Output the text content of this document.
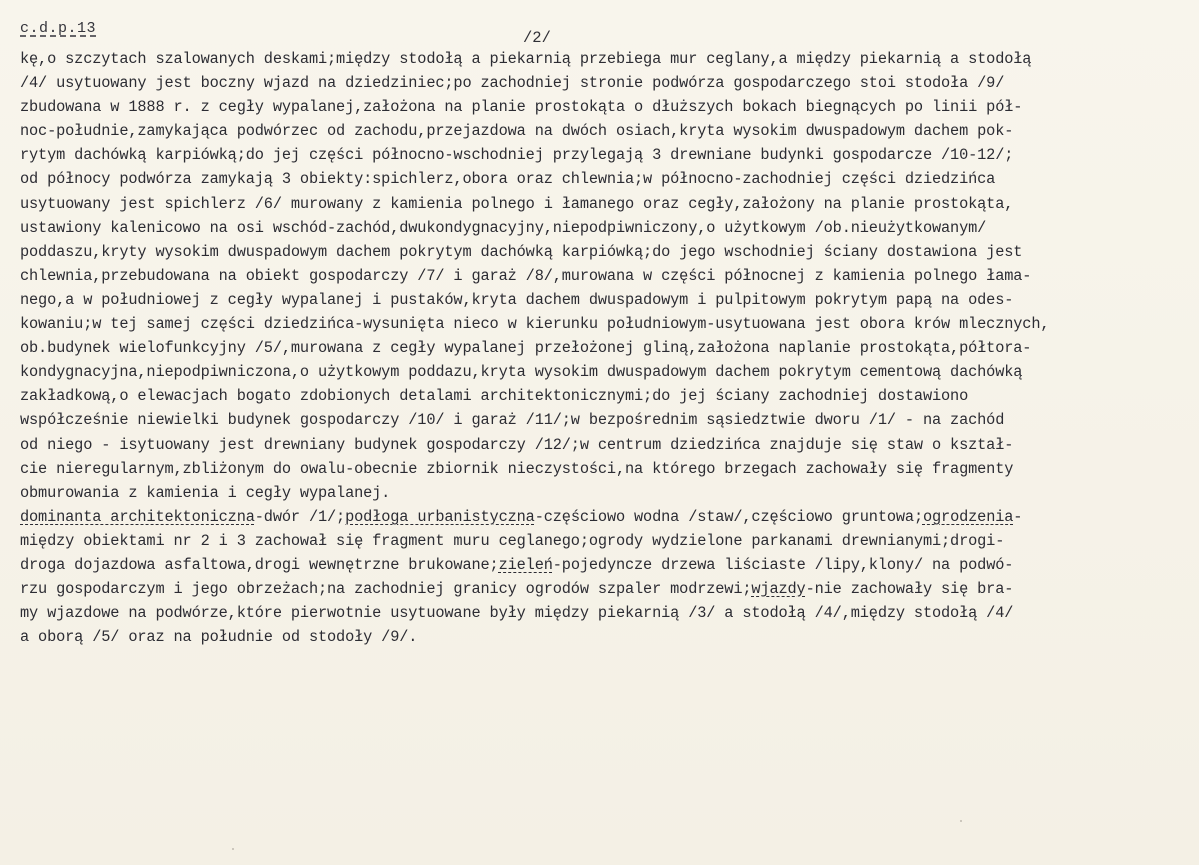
c.d.p.13
/2/
kę,o szczytach szalowanych deskami;między stodołą a piekarnią przebiega mur ceglany,a między piekarnią a stodołą
/4/ usytuowany jest boczny wjazd na dziedziniec;po zachodniej stronie podwórza gospodarczego stoi stodoła /9/
zbudowana w 1888 r. z cegły wypalanej,założona na planie prostokąta o dłuższych bokach biegnących po linii pół-
noc-południe,zamykająca podwórzec od zachodu,przejazdowa na dwóch osiach,kryta wysokim dwuspadowym dachem pok-
rytym dachówką karpiówką;do jej części północno-wschodniej przylegają 3 drewniane budynki gospodarcze /10-12/;
od północy podwórza zamykają 3 obiekty:spichlerz,obora oraz chlewnia;w północno-zachodniej części dziedzińca
usytuowany jest spichlerz /6/ murowany z kamienia polnego i łamanego oraz cegły,założony na planie prostokąta,
ustawiony kalenicowo na osi wschód-zachód,dwukondygnacyjny,niepodpiwniczony,o użytkowym /ob.nieużytkowanym/
poddaszu,kryty wysokim dwuspadowym dachem pokrytym dachówką karpiówką;do jego wschodniej ściany dostawiona jest
chlewnia,przebudowana na obiekt gospodarczy /7/ i garaż /8/,murowana w części północnej z kamienia polnego łama-
nego,a w południowej z cegły wypalanej i pustaków,kryta dachem dwuspadowym i pulpitowym pokrytym papą na odes-
kowaniu;w tej samej części dziedzińca-wysunięta nieco w kierunku południowym-usytuowana jest obora krów mlecznych,
ob.budynek wielofunkcyjny /5/,murowana z cegły wypalanej przełożonej gliną,założona naplanie prostokąta,półtora-
kondygnacyjna,niepodpiwniczona,o użytkowym poddazu,kryta wysokim dwuspadowym dachem pokrytym cementową dachówką
zakładkową,o elewacjach bogato zdobionych detalami architektonicznymi;do jej ściany zachodniej dostawiono
współcześnie niewielki budynek gospodarczy /10/ i garaż /11/;w bezpośrednim sąsiedztwie dworu /1/ - na zachód
od niego - isytuowany jest drewniany budynek gospodarczy /12/;w centrum dziedzińca znajduje się staw o kształ-
cie nieregularnym,zbliżonym do owalu-obecnie zbiornik nieczystości,na którego brzegach zachowały się fragmenty
obmurowania z kamienia i cegły wypalanej.
dominanta architektoniczna-dwór /1/;podłoga urbanistyczna-częściowo wodna /staw/,częściowo gruntowa;ogrodzenia-
między obiektami nr 2 i 3 zachował się fragment muru ceglanego;ogrody wydzielone parkanami drewnianymi;drogi-
droga dojazdowa asfaltowa,drogi wewnętrzne brukowane;zieleń-pojedyncze drzewa liściaste /lipy,klony/ na podwó-
rzu gospodarczym i jego obrzeżach;na zachodniej granicy ogrodów szpaler modrzewi;wjazdy-nie zachowały się bra-
my wjazdowe na podwórze,które pierwotnie usytuowane były między piekarnią /3/ a stodołą /4/,między stodołą /4/
a oborą /5/ oraz na południe od stodoły /9/.
